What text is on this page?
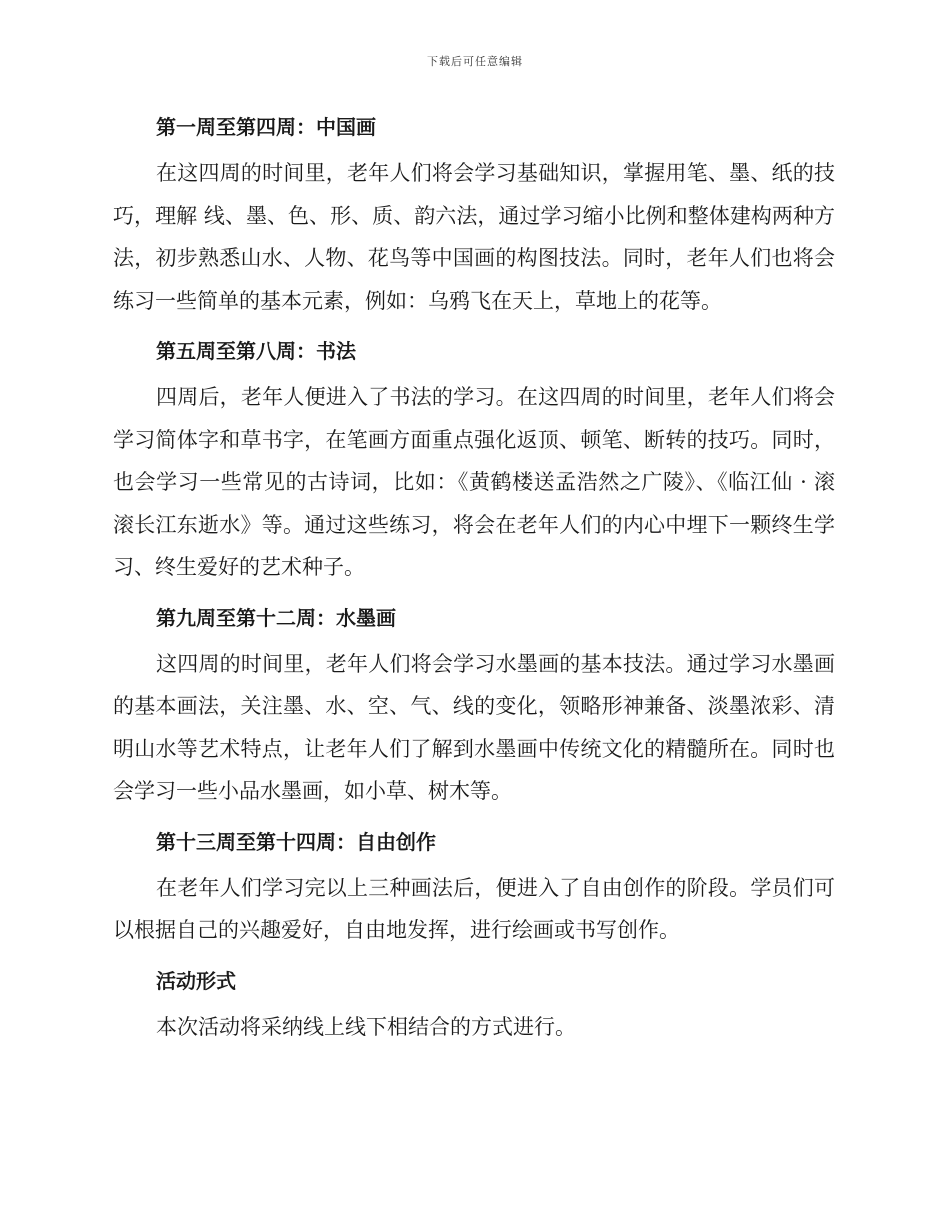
下载后可任意编辑
第一周至第四周：中国画

在这四周的时间里，老年人们将会学习基础知识，掌握用笔、墨、纸的技巧，理解 线、墨、色、形、质、韵六法，通过学习缩小比例和整体建构两种方法，初步熟悉山水、人物、花鸟等中国画的构图技法。同时，老年人们也将会练习一些简单的基本元素，例如：乌鸦飞在天上，草地上的花等。

第五周至第八周：书法

四周后，老年人便进入了书法的学习。在这四周的时间里，老年人们将会学习简体字和草书字，在笔画方面重点强化返顶、顿笔、断转的技巧。同时，也会学习一些常见的古诗词，比如：《黄鹤楼送孟浩然之广陵》、《临江仙 · 滚滚长江东逝水》等。通过这些练习，将会在老年人们的内心中埋下一颗终生学习、终生爱好的艺术种子。

第九周至第十二周：水墨画

这四周的时间里，老年人们将会学习水墨画的基本技法。通过学习水墨画的基本画法，关注墨、水、空、气、线的变化，领略形神兼备、淡墨浓彩、清明山水等艺术特点，让老年人们了解到水墨画中传统文化的精髓所在。同时也会学习一些小品水墨画，如小草、树木等。

第十三周至第十四周：自由创作

在老年人们学习完以上三种画法后，便进入了自由创作的阶段。学员们可以根据自己的兴趣爱好，自由地发挥，进行绘画或书写创作。

活动形式

本次活动将采纳线上线下相结合的方式进行。
